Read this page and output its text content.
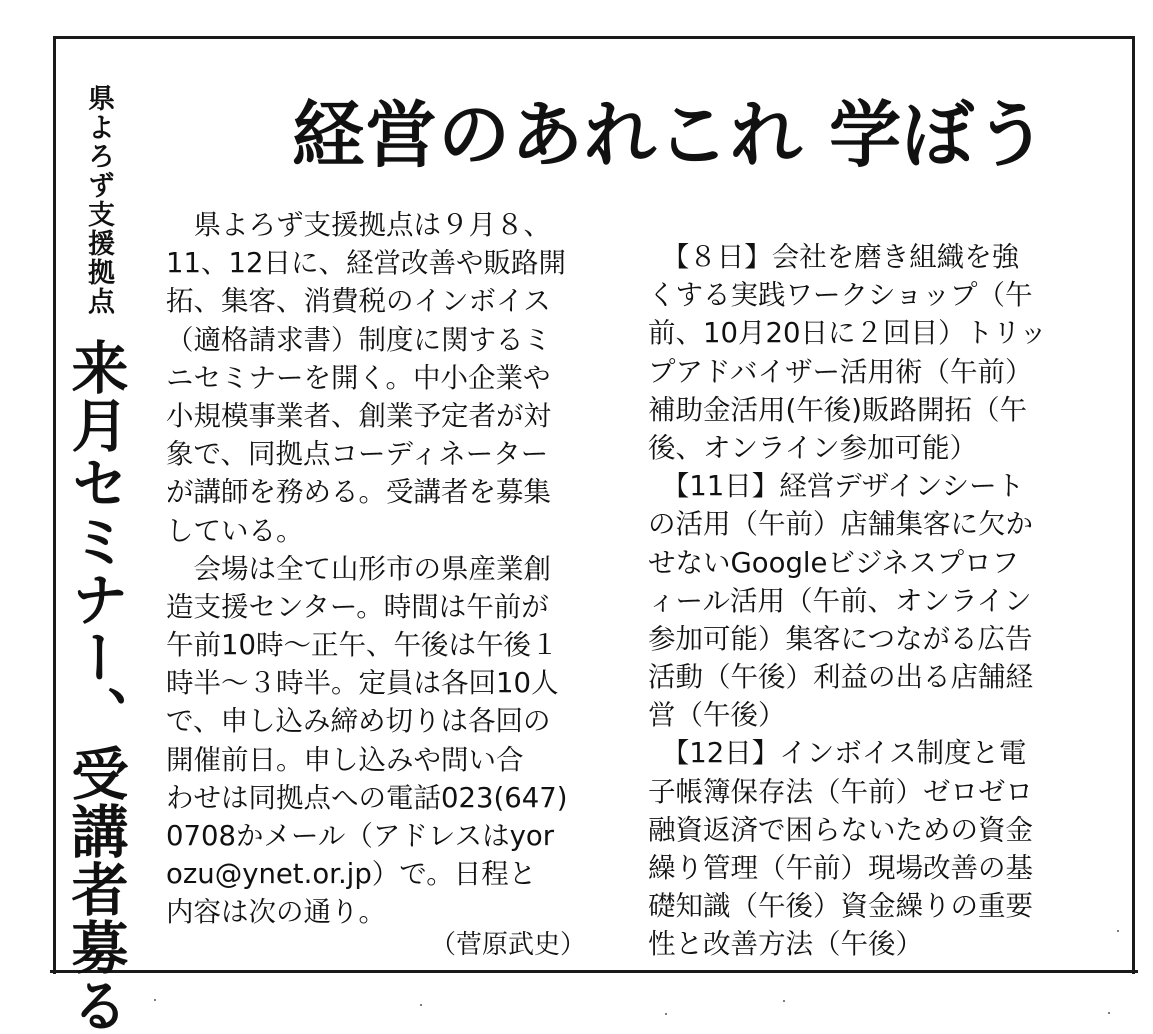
県よろず支援拠点
来月セミナー、受講者募る
経営のあれこれ 学ぼう
　県よろず支援拠点は９月８、
11、12日に、経営改善や販路開
拓、集客、消費税のインボイス
（適格請求書）制度に関するミ
ニセミナーを開く。中小企業や
小規模事業者、創業予定者が対
象で、同拠点コーディネーター
が講師を務める。受講者を募集
している。
　会場は全て山形市の県産業創
造支援センター。時間は午前が
午前10時～正午、午後は午後１
時半～３時半。定員は各回10人
で、申し込み締め切りは各回の
開催前日。申し込みや問い合
わせは同拠点への電話023(647)
0708かメール（アドレスはyor
ozu@ynet.or.jp）で。日程と
内容は次の通り。
　【８日】会社を磨き組織を強
くする実践ワークショップ（午
前、10月20日に２回目）トリッ
プアドバイザー活用術（午前）
補助金活用(午後)販路開拓（午
後、オンライン参加可能）
　【11日】経営デザインシート
の活用（午前）店舗集客に欠か
せないGoogleビジネスプロフ
ィール活用（午前、オンライン
参加可能）集客につながる広告
活動（午後）利益の出る店舗経
営（午後）
　【12日】インボイス制度と電
子帳簿保存法（午前）ゼロゼロ
融資返済で困らないための資金
繰り管理（午前）現場改善の基
礎知識（午後）資金繰りの重要
性と改善方法（午後）
（菅原武史）
